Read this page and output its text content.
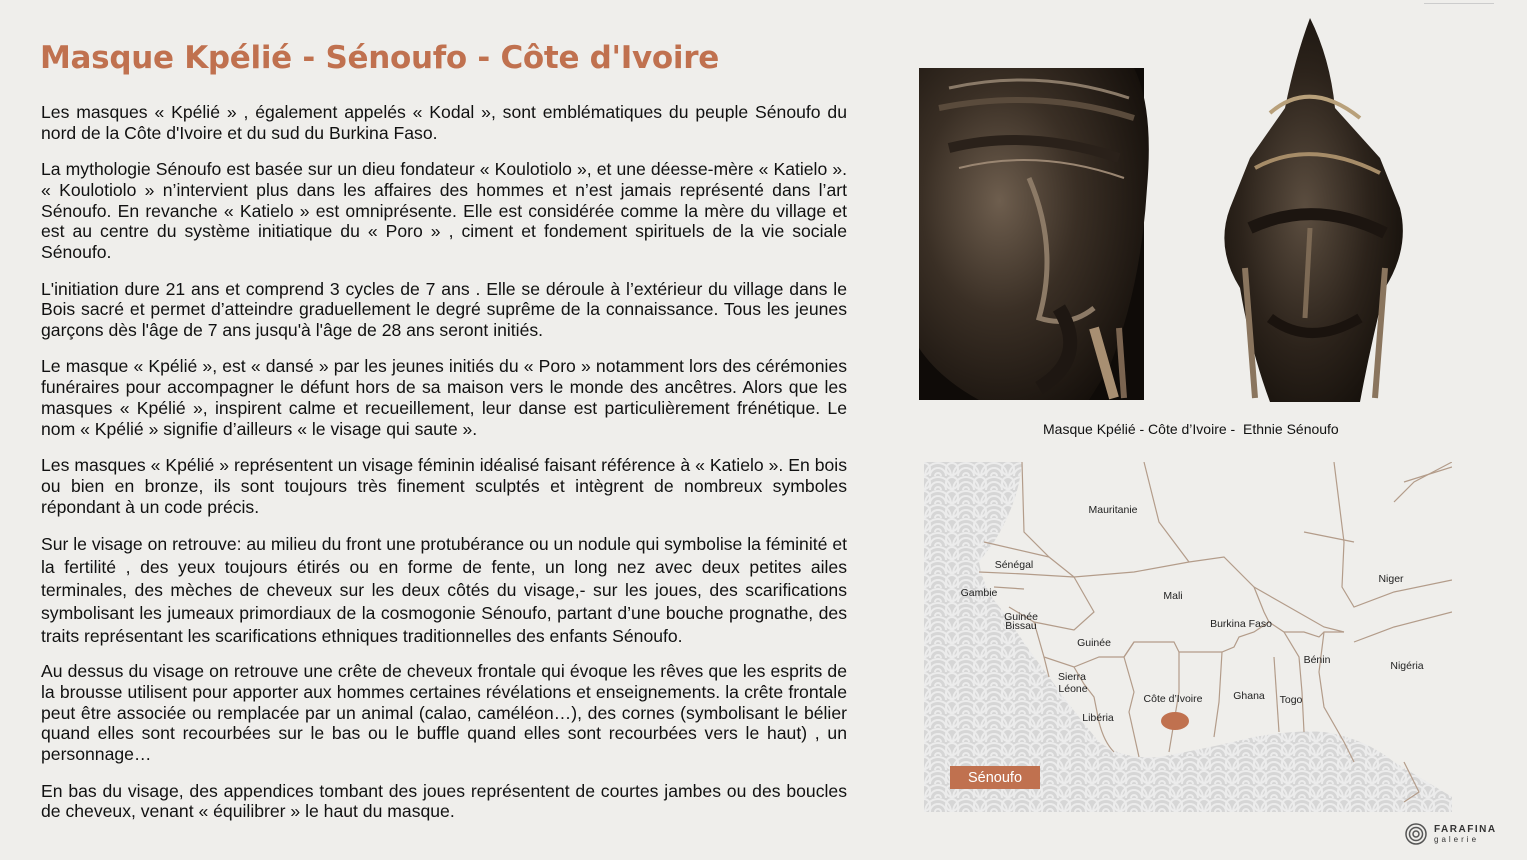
Masque Kpélié - Sénoufo - Côte d'Ivoire

Les masques « Kpélié » , également appelés « Kodal », sont emblématiques du peuple Sénoufo du nord de la Côte d'Ivoire et du sud du Burkina Faso.

La mythologie Sénoufo est basée sur un dieu fondateur « Koulotiolo », et une déesse-mère « Katielo ». « Koulotiolo » n’intervient plus dans les affaires des hommes et n’est jamais représenté dans l’art Sénoufo. En revanche « Katielo » est omniprésente. Elle est considérée comme la mère du village et est au centre du système initiatique du « Poro » , ciment et fondement spirituels de la vie sociale Sénoufo.

L'initiation dure 21 ans et comprend 3 cycles de 7 ans . Elle se déroule à l’extérieur du village dans le Bois sacré et permet d’atteindre graduellement le degré suprême de la connaissance. Tous les jeunes garçons dès l'âge de 7 ans jusqu'à l'âge de 28 ans seront initiés.

Le masque « Kpélié », est « dansé » par les jeunes initiés du « Poro » notamment lors des cérémonies funéraires pour accompagner le défunt hors de sa maison vers le monde des ancêtres. Alors que les masques « Kpélié », inspirent calme et recueillement, leur danse est particulièrement frénétique. Le nom « Kpélié » signifie d’ailleurs « le visage qui saute ».

Les masques « Kpélié » représentent un visage féminin idéalisé faisant référence à « Katielo ». En bois ou bien en bronze, ils sont toujours très finement sculptés et intègrent de nombreux symboles répondant à un code précis.

Sur le visage on retrouve: au milieu du front une protubérance ou un nodule qui symbolise la féminité et la fertilité , des yeux toujours étirés ou en forme de fente, un long nez avec deux petites ailes terminales, des mèches de cheveux sur les deux côtés du visage,- sur les joues, des scarifications symbolisant les jumeaux primordiaux de la cosmogonie Sénoufo, partant d’une bouche prognathe, des traits représentant les scarifications ethniques traditionnelles des enfants Sénoufo.

Au dessus du visage on retrouve une crête de cheveux frontale qui évoque les rêves que les esprits de la brousse utilisent pour apporter aux hommes certaines révélations et enseignements. la crête frontale peut être associée ou remplacée par un animal (calao, caméléon…), des cornes (symbolisant le bélier quand elles sont recourbées sur le bas ou le buffle quand elles sont recourbées vers le haut) , un personnage…

En bas du visage, des appendices tombant des joues représentent de courtes jambes ou des boucles de cheveux, venant « équilibrer » le haut du masque.

Masque Kpélié - Côte d’Ivoire -  Ethnie Sénoufo
Mauritanie
Sénégal
Gambie
Guinée
Bissau
Mali
Niger
Guinée
Burkina Faso
Bénin	Nigéria
Sierra
Léone
Côte d’Ivoire	Ghana Togo
Libéria
Sénoufo
FARAFINA
galerie
